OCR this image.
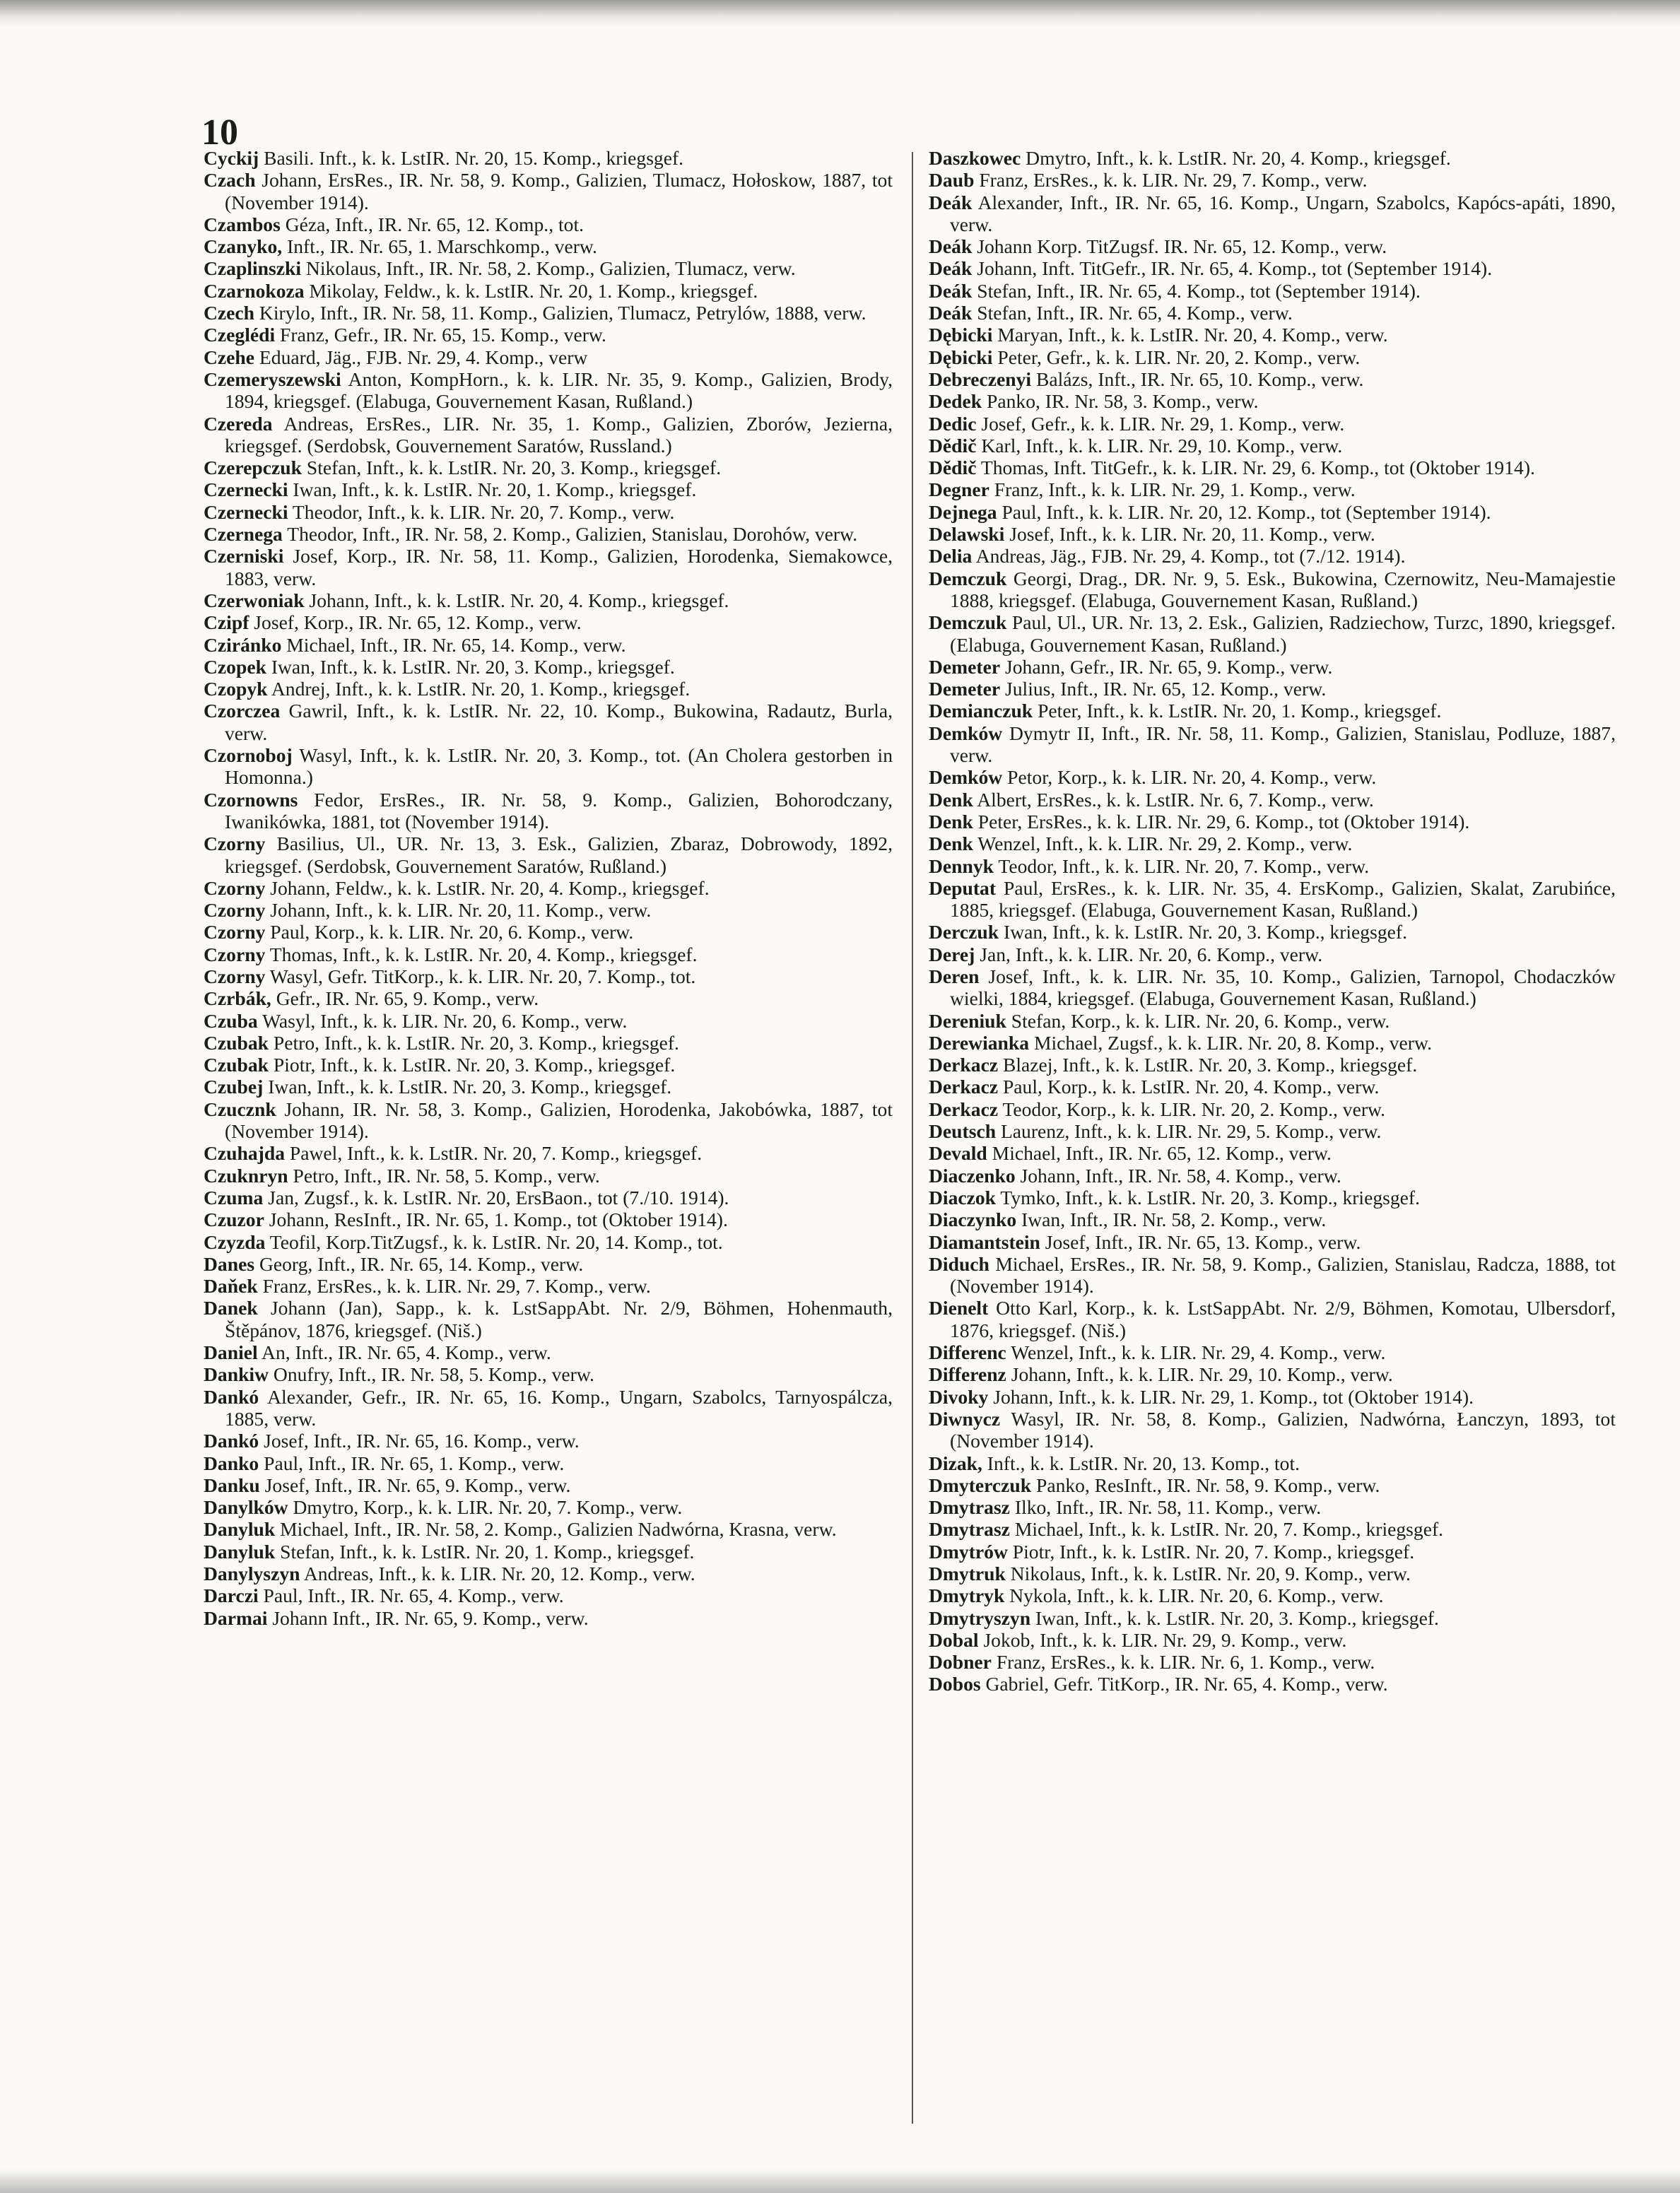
10
Cyckij Basili. Inft., k. k. LstIR. Nr. 20, 15. Komp., kriegsgef.
Czach Johann, ErsRes., IR. Nr. 58, 9. Komp., Galizien, Tlumacz, Hołoskow, 1887, tot (November 1914).
Czambos Géza, Inft., IR. Nr. 65, 12. Komp., tot.
Czanyko, Inft., IR. Nr. 65, 1. Marschkomp., verw.
Czaplinszki Nikolaus, Inft., IR. Nr. 58, 2. Komp., Galizien, Tlumacz, verw.
Czarnokoza Mikolay, Feldw., k. k. LstIR. Nr. 20, 1. Komp., kriegsgef.
Czech Kirylo, Inft., IR. Nr. 58, 11. Komp., Galizien, Tlumacz, Petrylów, 1888, verw.
Czeglédi Franz, Gefr., IR. Nr. 65, 15. Komp., verw.
Czehe Eduard, Jäg., FJB. Nr. 29, 4. Komp., verw
Czemeryszewski Anton, KompHorn., k. k. LIR. Nr. 35, 9. Komp., Galizien, Brody, 1894, kriegsgef. (Elabuga, Gouvernement Kasan, Rußland.)
Czereda Andreas, ErsRes., LIR. Nr. 35, 1. Komp., Galizien, Zborów, Jezierna, kriegsgef. (Serdobsk, Gouvernement Saratów, Russland.)
Czerepczuk Stefan, Inft., k. k. LstIR. Nr. 20, 3. Komp., kriegsgef.
Czernecki Iwan, Inft., k. k. LstIR. Nr. 20, 1. Komp., kriegsgef.
Czernecki Theodor, Inft., k. k. LIR. Nr. 20, 7. Komp., verw.
Czernega Theodor, Inft., IR. Nr. 58, 2. Komp., Galizien, Stanislau, Dorohów, verw.
Czerniski Josef, Korp., IR. Nr. 58, 11. Komp., Galizien, Horodenka, Siemakowce, 1883, verw.
Czerwoniak Johann, Inft., k. k. LstIR. Nr. 20, 4. Komp., kriegsgef.
Czipf Josef, Korp., IR. Nr. 65, 12. Komp., verw.
Cziránko Michael, Inft., IR. Nr. 65, 14. Komp., verw.
Czopek Iwan, Inft., k. k. LstIR. Nr. 20, 3. Komp., kriegsgef.
Czopyk Andrej, Inft., k. k. LstIR. Nr. 20, 1. Komp., kriegsgef.
Czorczea Gawril, Inft., k. k. LstIR. Nr. 22, 10. Komp., Bukowina, Radautz, Burla, verw.
Czornoboj Wasyl, Inft., k. k. LstIR. Nr. 20, 3. Komp., tot. (An Cholera gestorben in Homonna.)
Czornowns Fedor, ErsRes., IR. Nr. 58, 9. Komp., Galizien, Bohorodczany, Iwanikówka, 1881, tot (November 1914).
Czorny Basilius, Ul., UR. Nr. 13, 3. Esk., Galizien, Zbaraz, Dobrowody, 1892, kriegsgef. (Serdobsk, Gouvernement Saratów, Rußland.)
Czorny Johann, Feldw., k. k. LstIR. Nr. 20, 4. Komp., kriegsgef.
Czorny Johann, Inft., k. k. LIR. Nr. 20, 11. Komp., verw.
Czorny Paul, Korp., k. k. LIR. Nr. 20, 6. Komp., verw.
Czorny Thomas, Inft., k. k. LstIR. Nr. 20, 4. Komp., kriegsgef.
Czorny Wasyl, Gefr. TitKorp., k. k. LIR. Nr. 20, 7. Komp., tot.
Czrbák, Gefr., IR. Nr. 65, 9. Komp., verw.
Czuba Wasyl, Inft., k. k. LIR. Nr. 20, 6. Komp., verw.
Czubak Petro, Inft., k. k. LstIR. Nr. 20, 3. Komp., kriegsgef.
Czubak Piotr, Inft., k. k. LstIR. Nr. 20, 3. Komp., kriegsgef.
Czubej Iwan, Inft., k. k. LstIR. Nr. 20, 3. Komp., kriegsgef.
Czucznk Johann, IR. Nr. 58, 3. Komp., Galizien, Horodenka, Jakobówka, 1887, tot (November 1914).
Czuhajda Pawel, Inft., k. k. LstIR. Nr. 20, 7. Komp., kriegsgef.
Czuknryn Petro, Inft., IR. Nr. 58, 5. Komp., verw.
Czuma Jan, Zugsf., k. k. LstIR. Nr. 20, ErsBaon., tot (7./10. 1914).
Czuzor Johann, ResInft., IR. Nr. 65, 1. Komp., tot (Oktober 1914).
Czyzda Teofil, Korp.TitZugsf., k. k. LstIR. Nr. 20, 14. Komp., tot.
Danes Georg, Inft., IR. Nr. 65, 14. Komp., verw.
Daňek Franz, ErsRes., k. k. LIR. Nr. 29, 7. Komp., verw.
Danek Johann (Jan), Sapp., k. k. LstSappAbt. Nr. 2/9, Böhmen, Hohenmauth, Štěpánov, 1876, kriegsgef. (Niš.)
Daniel An, Inft., IR. Nr. 65, 4. Komp., verw.
Dankiw Onufry, Inft., IR. Nr. 58, 5. Komp., verw.
Dankó Alexander, Gefr., IR. Nr. 65, 16. Komp., Ungarn, Szabolcs, Tarnyospálcza, 1885, verw.
Dankó Josef, Inft., IR. Nr. 65, 16. Komp., verw.
Danko Paul, Inft., IR. Nr. 65, 1. Komp., verw.
Danku Josef, Inft., IR. Nr. 65, 9. Komp., verw.
Danylków Dmytro, Korp., k. k. LIR. Nr. 20, 7. Komp., verw.
Danyluk Michael, Inft., IR. Nr. 58, 2. Komp., Galizien Nadwórna, Krasna, verw.
Danyluk Stefan, Inft., k. k. LstIR. Nr. 20, 1. Komp., kriegsgef.
Danylyszyn Andreas, Inft., k. k. LIR. Nr. 20, 12. Komp., verw.
Darczi Paul, Inft., IR. Nr. 65, 4. Komp., verw.
Darmai Johann Inft., IR. Nr. 65, 9. Komp., verw.
Daszkowec Dmytro, Inft., k. k. LstIR. Nr. 20, 4. Komp., kriegsgef.
Daub Franz, ErsRes., k. k. LIR. Nr. 29, 7. Komp., verw.
Deák Alexander, Inft., IR. Nr. 65, 16. Komp., Ungarn, Szabolcs, Kapócs-apáti, 1890, verw.
Deák Johann Korp. TitZugsf. IR. Nr. 65, 12. Komp., verw.
Deák Johann, Inft. TitGefr., IR. Nr. 65, 4. Komp., tot (September 1914).
Deák Stefan, Inft., IR. Nr. 65, 4. Komp., tot (September 1914).
Deák Stefan, Inft., IR. Nr. 65, 4. Komp., verw.
Dębicki Maryan, Inft., k. k. LstIR. Nr. 20, 4. Komp., verw.
Dębicki Peter, Gefr., k. k. LIR. Nr. 20, 2. Komp., verw.
Debreczenyi Balázs, Inft., IR. Nr. 65, 10. Komp., verw.
Dedek Panko, IR. Nr. 58, 3. Komp., verw.
Dedic Josef, Gefr., k. k. LIR. Nr. 29, 1. Komp., verw.
Dědič Karl, Inft., k. k. LIR. Nr. 29, 10. Komp., verw.
Dědič Thomas, Inft. TitGefr., k. k. LIR. Nr. 29, 6. Komp., tot (Oktober 1914).
Degner Franz, Inft., k. k. LIR. Nr. 29, 1. Komp., verw.
Dejnega Paul, Inft., k. k. LIR. Nr. 20, 12. Komp., tot (September 1914).
Delawski Josef, Inft., k. k. LIR. Nr. 20, 11. Komp., verw.
Delia Andreas, Jäg., FJB. Nr. 29, 4. Komp., tot (7./12. 1914).
Demczuk Georgi, Drag., DR. Nr. 9, 5. Esk., Bukowina, Czernowitz, Neu-Mamajestie 1888, kriegsgef. (Elabuga, Gouvernement Kasan, Rußland.)
Demczuk Paul, Ul., UR. Nr. 13, 2. Esk., Galizien, Radziechow, Turzc, 1890, kriegsgef. (Elabuga, Gouvernement Kasan, Rußland.)
Demeter Johann, Gefr., IR. Nr. 65, 9. Komp., verw.
Demeter Julius, Inft., IR. Nr. 65, 12. Komp., verw.
Demianczuk Peter, Inft., k. k. LstIR. Nr. 20, 1. Komp., kriegsgef.
Demków Dymytr II, Inft., IR. Nr. 58, 11. Komp., Galizien, Stanislau, Podluze, 1887, verw.
Demków Petor, Korp., k. k. LIR. Nr. 20, 4. Komp., verw.
Denk Albert, ErsRes., k. k. LstIR. Nr. 6, 7. Komp., verw.
Denk Peter, ErsRes., k. k. LIR. Nr. 29, 6. Komp., tot (Oktober 1914).
Denk Wenzel, Inft., k. k. LIR. Nr. 29, 2. Komp., verw.
Dennyk Teodor, Inft., k. k. LIR. Nr. 20, 7. Komp., verw.
Deputat Paul, ErsRes., k. k. LIR. Nr. 35, 4. ErsKomp., Galizien, Skalat, Zarubińce, 1885, kriegsgef. (Elabuga, Gouvernement Kasan, Rußland.)
Derczuk Iwan, Inft., k. k. LstIR. Nr. 20, 3. Komp., kriegsgef.
Derej Jan, Inft., k. k. LIR. Nr. 20, 6. Komp., verw.
Deren Josef, Inft., k. k. LIR. Nr. 35, 10. Komp., Galizien, Tarnopol, Chodaczków wielki, 1884, kriegsgef. (Elabuga, Gouvernement Kasan, Rußland.)
Dereniuk Stefan, Korp., k. k. LIR. Nr. 20, 6. Komp., verw.
Derewianka Michael, Zugsf., k. k. LIR. Nr. 20, 8. Komp., verw.
Derkacz Blazej, Inft., k. k. LstIR. Nr. 20, 3. Komp., kriegsgef.
Derkacz Paul, Korp., k. k. LstIR. Nr. 20, 4. Komp., verw.
Derkacz Teodor, Korp., k. k. LIR. Nr. 20, 2. Komp., verw.
Deutsch Laurenz, Inft., k. k. LIR. Nr. 29, 5. Komp., verw.
Devald Michael, Inft., IR. Nr. 65, 12. Komp., verw.
Diaczenko Johann, Inft., IR. Nr. 58, 4. Komp., verw.
Diaczok Tymko, Inft., k. k. LstIR. Nr. 20, 3. Komp., kriegsgef.
Diaczynko Iwan, Inft., IR. Nr. 58, 2. Komp., verw.
Diamantstein Josef, Inft., IR. Nr. 65, 13. Komp., verw.
Diduch Michael, ErsRes., IR. Nr. 58, 9. Komp., Galizien, Stanislau, Radcza, 1888, tot (November 1914).
Dienelt Otto Karl, Korp., k. k. LstSappAbt. Nr. 2/9, Böhmen, Komotau, Ulbersdorf, 1876, kriegsgef. (Niš.)
Differenc Wenzel, Inft., k. k. LIR. Nr. 29, 4. Komp., verw.
Differenz Johann, Inft., k. k. LIR. Nr. 29, 10. Komp., verw.
Divoky Johann, Inft., k. k. LIR. Nr. 29, 1. Komp., tot (Oktober 1914).
Diwnycz Wasyl, IR. Nr. 58, 8. Komp., Galizien, Nadwórna, Łanczyn, 1893, tot (November 1914).
Dizak, Inft., k. k. LstIR. Nr. 20, 13. Komp., tot.
Dmyterczuk Panko, ResInft., IR. Nr. 58, 9. Komp., verw.
Dmytrasz Ilko, Inft., IR. Nr. 58, 11. Komp., verw.
Dmytrasz Michael, Inft., k. k. LstIR. Nr. 20, 7. Komp., kriegsgef.
Dmytrów Piotr, Inft., k. k. LstIR. Nr. 20, 7. Komp., kriegsgef.
Dmytruk Nikolaus, Inft., k. k. LstIR. Nr. 20, 9. Komp., verw.
Dmytryk Nykola, Inft., k. k. LIR. Nr. 20, 6. Komp., verw.
Dmytryszyn Iwan, Inft., k. k. LstIR. Nr. 20, 3. Komp., kriegsgef.
Dobal Jokob, Inft., k. k. LIR. Nr. 29, 9. Komp., verw.
Dobner Franz, ErsRes., k. k. LIR. Nr. 6, 1. Komp., verw.
Dobos Gabriel, Gefr. TitKorp., IR. Nr. 65, 4. Komp., verw.
